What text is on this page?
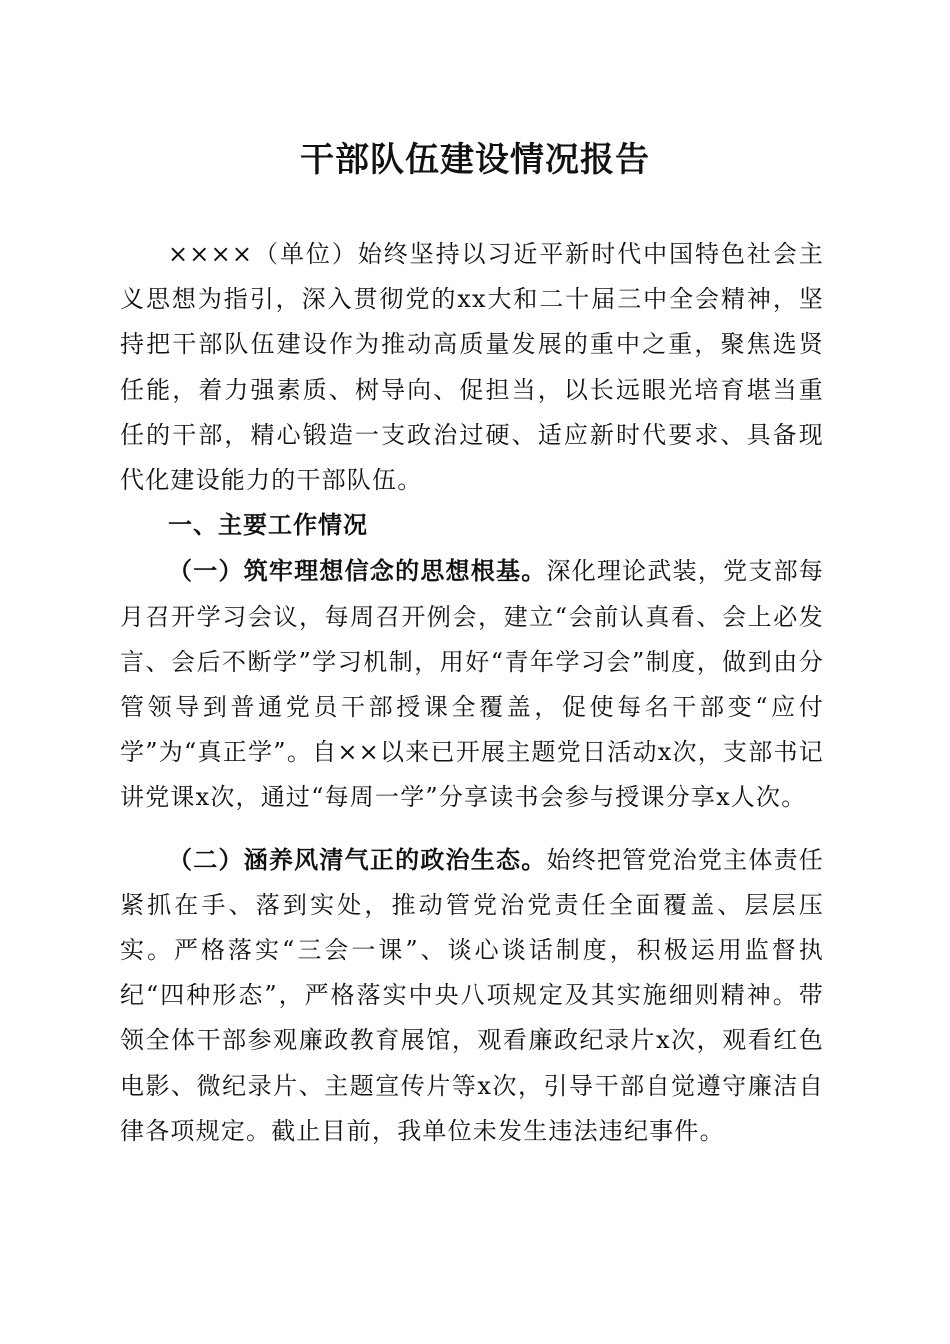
干部队伍建设情况报告

××××（单位）始终坚持以习近平新时代中国特色社会主义思想为指引，深入贯彻党的xx大和二十届三中全会精神，坚持把干部队伍建设作为推动高质量发展的重中之重，聚焦选贤任能，着力强素质、树导向、促担当，以长远眼光培育堪当重任的干部，精心锻造一支政治过硬、适应新时代要求、具备现代化建设能力的干部队伍。

一、主要工作情况

（一）筑牢理想信念的思想根基。深化理论武装，党支部每月召开学习会议，每周召开例会，建立“会前认真看、会上必发言、会后不断学”学习机制，用好“青年学习会”制度，做到由分管领导到普通党员干部授课全覆盖，促使每名干部变“应付学”为“真正学”。自××以来已开展主题党日活动x次，支部书记讲党课x次，通过“每周一学”分享读书会参与授课分享x人次。

（二）涵养风清气正的政治生态。始终把管党治党主体责任紧抓在手、落到实处，推动管党治党责任全面覆盖、层层压实。严格落实“三会一课”、谈心谈话制度，积极运用监督执纪“四种形态”，严格落实中央八项规定及其实施细则精神。带领全体干部参观廉政教育展馆，观看廉政纪录片x次，观看红色电影、微纪录片、主题宣传片等x次，引导干部自觉遵守廉洁自律各项规定。截止目前，我单位未发生违法违纪事件。
